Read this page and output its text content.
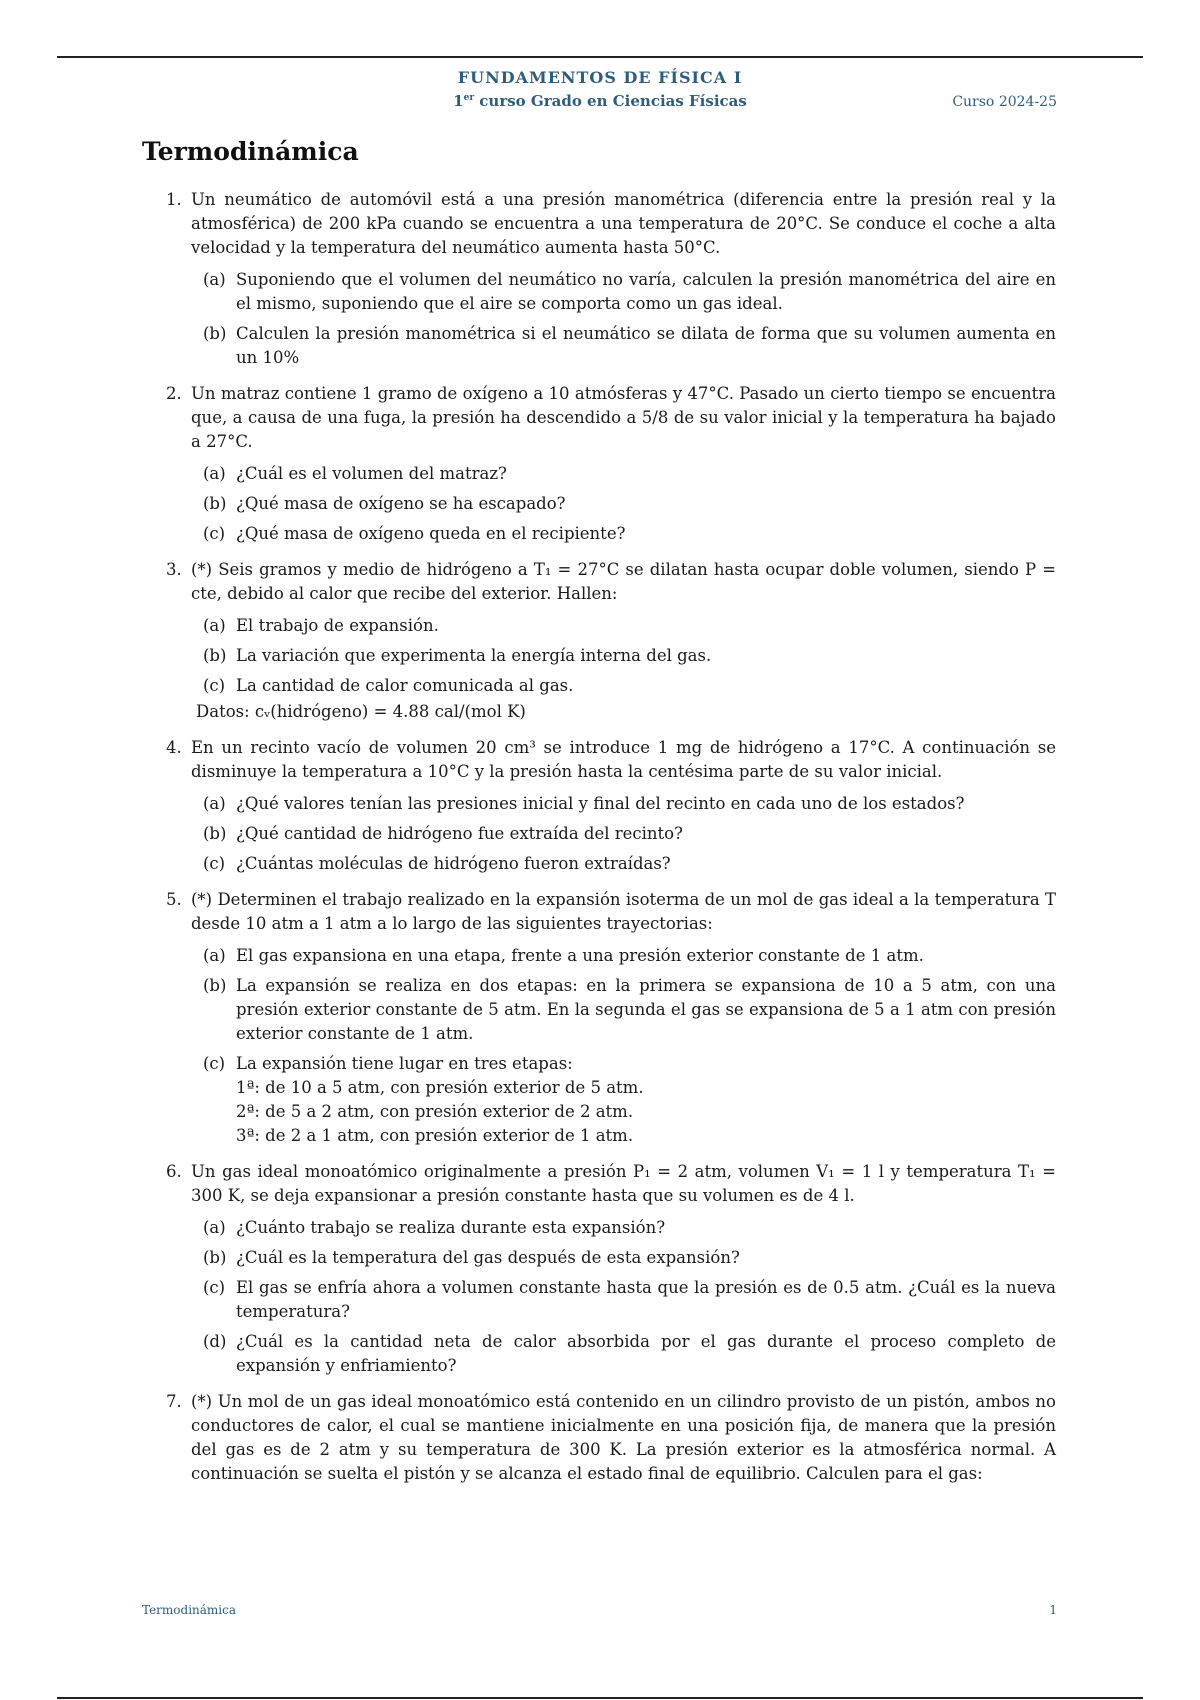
FUNDAMENTOS DE FÍSICA I
1er curso Grado en Ciencias Físicas	Curso 2024-25
Termodinámica
1. Un neumático de automóvil está a una presión manométrica (diferencia entre la presión real y la atmosférica) de 200 kPa cuando se encuentra a una temperatura de 20°C. Se conduce el coche a alta velocidad y la temperatura del neumático aumenta hasta 50°C.
(a) Suponiendo que el volumen del neumático no varía, calculen la presión manométrica del aire en el mismo, suponiendo que el aire se comporta como un gas ideal.
(b) Calculen la presión manométrica si el neumático se dilata de forma que su volumen aumenta en un 10%
2. Un matraz contiene 1 gramo de oxígeno a 10 atmósferas y 47°C. Pasado un cierto tiempo se encuentra que, a causa de una fuga, la presión ha descendido a 5/8 de su valor inicial y la temperatura ha bajado a 27°C.
(a) ¿Cuál es el volumen del matraz?
(b) ¿Qué masa de oxígeno se ha escapado?
(c) ¿Qué masa de oxígeno queda en el recipiente?
3. (*) Seis gramos y medio de hidrógeno a T₁ = 27°C se dilatan hasta ocupar doble volumen, siendo P = cte, debido al calor que recibe del exterior. Hallen:
(a) El trabajo de expansión.
(b) La variación que experimenta la energía interna del gas.
(c) La cantidad de calor comunicada al gas.
Datos: cᵥ(hidrógeno) = 4.88 cal/(mol K)
4. En un recinto vacío de volumen 20 cm³ se introduce 1 mg de hidrógeno a 17°C. A continuación se disminuye la temperatura a 10°C y la presión hasta la centésima parte de su valor inicial.
(a) ¿Qué valores tenían las presiones inicial y final del recinto en cada uno de los estados?
(b) ¿Qué cantidad de hidrógeno fue extraída del recinto?
(c) ¿Cuántas moléculas de hidrógeno fueron extraídas?
5. (*) Determinen el trabajo realizado en la expansión isoterma de un mol de gas ideal a la temperatura T desde 10 atm a 1 atm a lo largo de las siguientes trayectorias:
(a) El gas expansiona en una etapa, frente a una presión exterior constante de 1 atm.
(b) La expansión se realiza en dos etapas: en la primera se expansiona de 10 a 5 atm, con una presión exterior constante de 5 atm. En la segunda el gas se expansiona de 5 a 1 atm con presión exterior constante de 1 atm.
(c) La expansión tiene lugar en tres etapas:
1ª: de 10 a 5 atm, con presión exterior de 5 atm.
2ª: de 5 a 2 atm, con presión exterior de 2 atm.
3ª: de 2 a 1 atm, con presión exterior de 1 atm.
6. Un gas ideal monoatómico originalmente a presión P₁ = 2 atm, volumen V₁ = 1 l y temperatura T₁ = 300 K, se deja expansionar a presión constante hasta que su volumen es de 4 l.
(a) ¿Cuánto trabajo se realiza durante esta expansión?
(b) ¿Cuál es la temperatura del gas después de esta expansión?
(c) El gas se enfría ahora a volumen constante hasta que la presión es de 0.5 atm. ¿Cuál es la nueva temperatura?
(d) ¿Cuál es la cantidad neta de calor absorbida por el gas durante el proceso completo de expansión y enfriamiento?
7. (*) Un mol de un gas ideal monoatómico está contenido en un cilindro provisto de un pistón, ambos no conductores de calor, el cual se mantiene inicialmente en una posición fija, de manera que la presión del gas es de 2 atm y su temperatura de 300 K. La presión exterior es la atmosférica normal. A continuación se suelta el pistón y se alcanza el estado final de equilibrio. Calculen para el gas:
Termodinámica	1
